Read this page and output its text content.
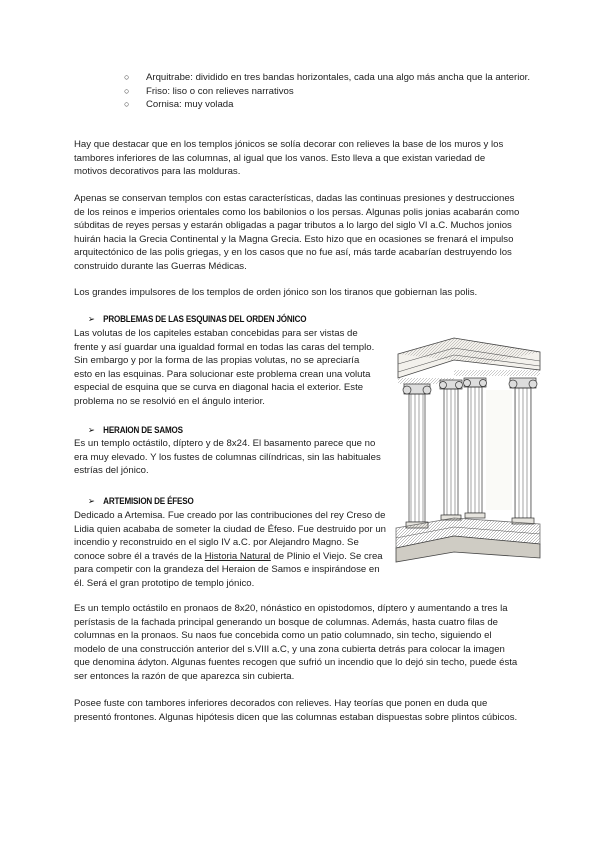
○ Arquitrabe: dividido en tres bandas horizontales, cada una algo más ancha que la anterior.
○ Friso: liso o con relieves narrativos
○ Cornisa: muy volada

Hay que destacar que en los templos jónicos se solía decorar con relieves la base de los muros y los tambores inferiores de las columnas, al igual que los vanos. Esto lleva a que existan variedad de motivos decorativos para las molduras.

Apenas se conservan templos con estas características, dadas las continuas presiones y destrucciones de los reinos e imperios orientales como los babilonios o los persas. Algunas polis jonias acabarán como súbditas de reyes persas y estarán obligadas a pagar tributos a lo largo del siglo VI a.C. Muchos jonios huirán hacia la Grecia Continental y la Magna Grecia. Esto hizo que en ocasiones se frenará el impulso arquitectónico de las polis griegas, y en los casos que no fue así, más tarde acabarían destruyendo los construido durante las Guerras Médicas.

Los grandes impulsores de los templos de orden jónico son los tiranos que gobiernan las polis.

➢ PROBLEMAS DE LAS ESQUINAS DEL ORDEN JÓNICO

Las volutas de los capiteles estaban concebidas para ser vistas de frente y así guardar una igualdad formal en todas las caras del templo. Sin embargo y por la forma de las propias volutas, no se apreciaría esto en las esquinas. Para solucionar este problema crean una voluta especial de esquina que se curva en diagonal hacia el exterior. Este problema no se resolvió en el ángulo interior.

➢ HERAION DE SAMOS

Es un templo octástilo, díptero y de 8x24. El basamento parece que no era muy elevado. Y los fustes de columnas cilíndricas, sin las habituales estrías del jónico.

➢ ARTEMISION DE ÉFESO

Dedicado a Artemisa. Fue creado por las contribuciones del rey Creso de Lidia quien acababa de someter la ciudad de Éfeso. Fue destruido por un incendio y reconstruido en el siglo IV a.C. por Alejandro Magno. Se conoce sobre él a través de la Historia Natural de Plinio el Viejo. Se crea para competir con la grandeza del Heraion de Samos e inspirándose en él. Será el gran prototipo de templo jónico.

Es un templo octástilo en pronaos de 8x20, nónástico en opistodomos, díptero y aumentando a tres la perístasis de la fachada principal generando un bosque de columnas. Además, hasta cuatro filas de columnas en la pronaos. Su naos fue concebida como un patio columnado, sin techo, siguiendo el modelo de una construcción anterior del s.VIII a.C, y una zona cubierta detrás para colocar la imagen que denomina ádyton. Algunas fuentes recogen que sufrió un incendio que lo dejó sin techo, puede ésta ser entonces la razón de que aparezca sin cubierta.

Posee fuste con tambores inferiores decorados con relieves. Hay teorías que ponen en duda que presentó frontones. Algunas hipótesis dicen que las columnas estaban dispuestas sobre plintos cúbicos.
